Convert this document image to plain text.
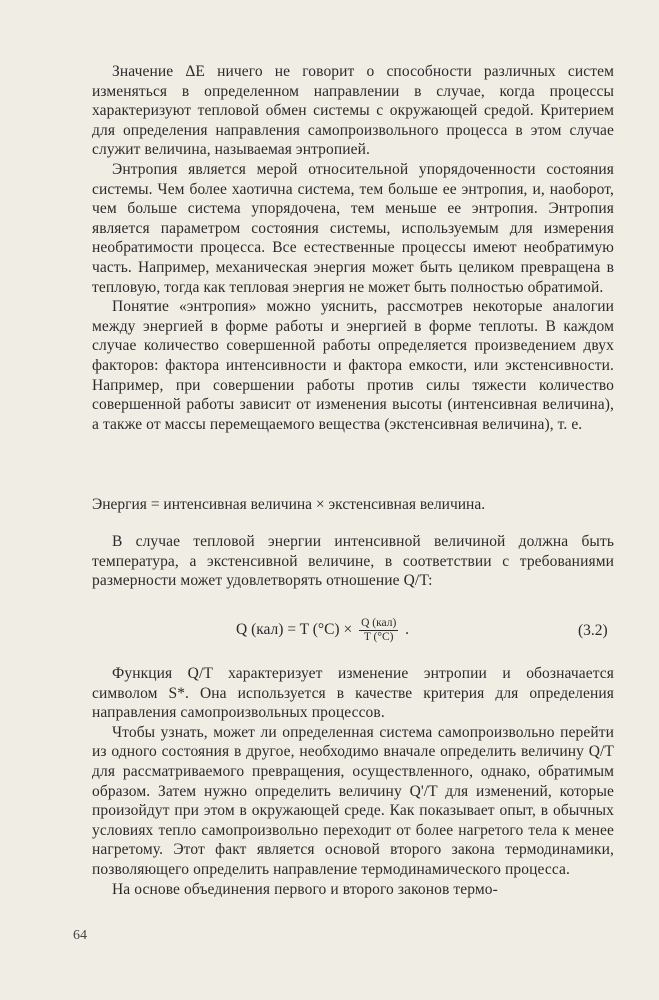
Значение ΔE ничего не говорит о способности различных систем изменяться в определенном направлении в случае, когда процессы характеризуют тепловой обмен системы с окружающей средой. Критерием для определения направления самопроизвольного процесса в этом случае служит величина, называемая энтропией.

Энтропия является мерой относительной упорядоченности состояния системы. Чем более хаотична система, тем больше ее энтропия, и, наоборот, чем больше система упорядочена, тем меньше ее энтропия. Энтропия является параметром состояния системы, используемым для измерения необратимости процесса. Все естественные процессы имеют необратимую часть. Например, механическая энергия может быть целиком превращена в тепловую, тогда как тепловая энергия не может быть полностью обратимой.

Понятие «энтропия» можно уяснить, рассмотрев некоторые аналогии между энергией в форме работы и энергией в форме теплоты. В каждом случае количество совершенной работы определяется произведением двух факторов: фактора интенсивности и фактора емкости, или экстенсивности. Например, при совершении работы против силы тяжести количество совершенной работы зависит от изменения высоты (интенсивная величина), а также от массы перемещаемого вещества (экстенсивная величина), т. е.

Энергия = интенсивная величина × экстенсивная величина.

В случае тепловой энергии интенсивной величиной должна быть температура, а экстенсивной величине, в соответствии с требованиями размерности может удовлетворять отношение Q/T:

Q (кал) = T $(^\circ C) \times \frac{\text{Q (кал)}}{T (^\circ C)}$ .	(3.2)

Функция Q/T характеризует изменение энтропии и обозначается символом S*. Она используется в качестве критерия для определения направления самопроизвольных процессов.

Чтобы узнать, может ли определенная система самопроизвольно перейти из одного состояния в другое, необходимо вначале определить величину Q/T для рассматриваемого превращения, осуществленного, однако, обратимым образом. Затем нужно определить величину Q'/T для изменений, которые произойдут при этом в окружающей среде. Как показывает опыт, в обычных условиях тепло самопроизвольно переходит от более нагретого тела к менее нагретому. Этот факт является основой второго закона термодинамики, позволяющего определить направление термодинамического процесса.

На основе объединения первого и второго законов термо-

64
